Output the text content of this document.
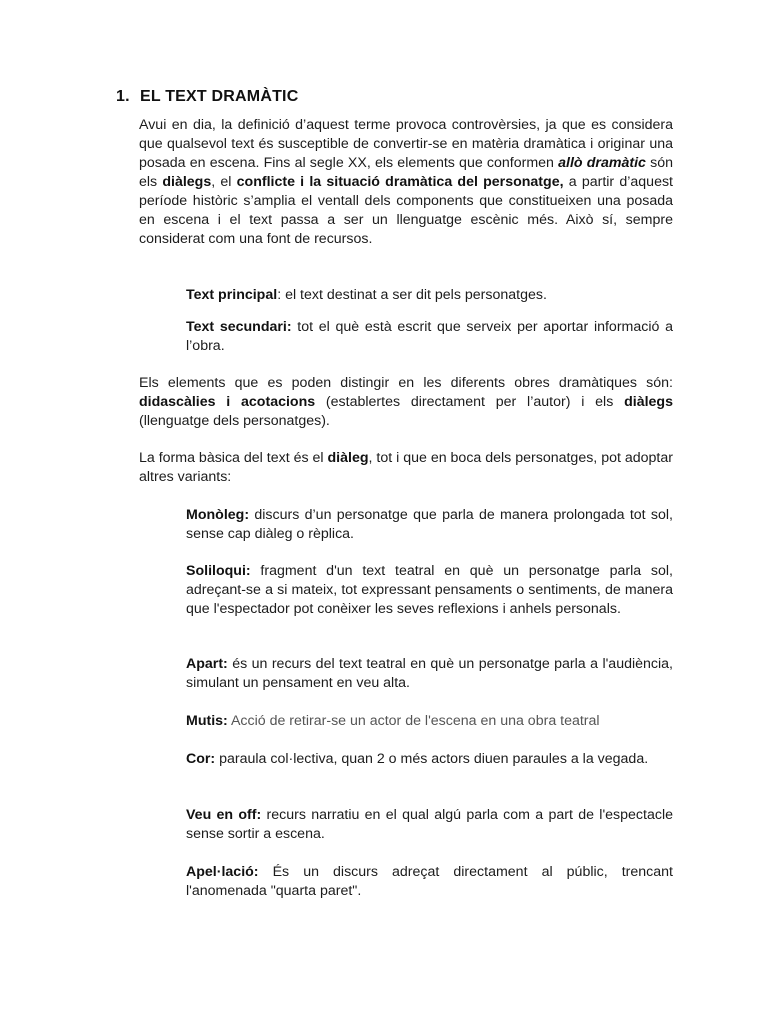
1. EL TEXT DRAMÀTIC

Avui en dia, la definició d’aquest terme provoca controvèrsies, ja que es considera que qualsevol text és susceptible de convertir-se en matèria dramàtica i originar una posada en escena. Fins al segle XX, els elements que conformen allò dramàtic són els diàlegs, el conflicte i la situació dramàtica del personatge, a partir d’aquest període històric s’amplia el ventall dels components que constitueixen una posada en escena i el text passa a ser un llenguatge escènic més. Això sí, sempre considerat com una font de recursos.

Text principal: el text destinat a ser dit pels personatges.

Text secundari: tot el què està escrit que serveix per aportar informació a l’obra.

Els elements que es poden distingir en les diferents obres dramàtiques són: didascàlies i acotacions (establertes directament per l’autor) i els diàlegs (llenguatge dels personatges).

La forma bàsica del text és el diàleg, tot i que en boca dels personatges, pot adoptar altres variants:

Monòleg: discurs d’un personatge que parla de manera prolongada tot sol, sense cap diàleg o rèplica.

Soliloqui: fragment d'un text teatral en què un personatge parla sol, adreçant-se a si mateix, tot expressant pensaments o sentiments, de manera que l'espectador pot conèixer les seves reflexions i anhels personals.

Apart: és un recurs del text teatral en què un personatge parla a l'audiència, simulant un pensament en veu alta.

Mutis: Acció de retirar-se un actor de l'escena en una obra teatral

Cor: paraula col·lectiva, quan 2 o més actors diuen paraules a la vegada.

Veu en off: recurs narratiu en el qual algú parla com a part de l'espectacle sense sortir a escena.

Apel·lació: És un discurs adreçat directament al públic, trencant l'anomenada "quarta paret".
